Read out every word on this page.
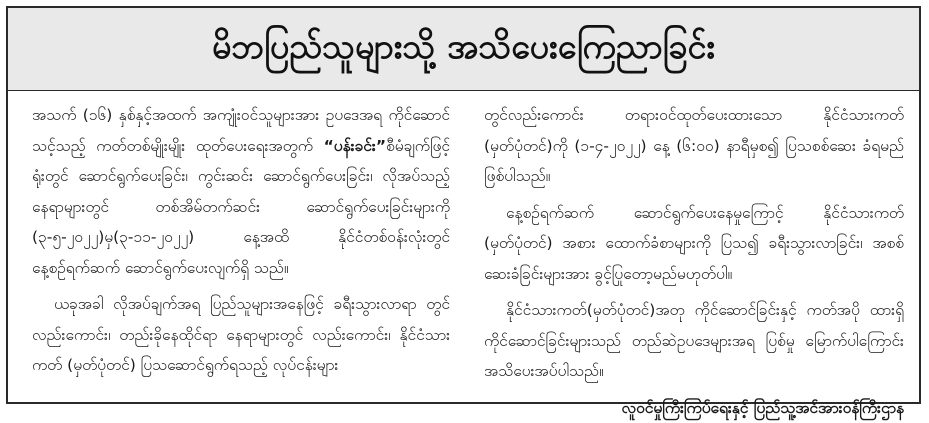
မိဘပြည်သူများသို့ အသိပေးကြေညာခြင်း

အသက် (၁၆) နှစ်နှင့်အထက် အကျုံးဝင်သူများအား ဥပဒေအရ ကိုင်ဆောင်သင့်သည့် ကတ်တစ်မျိုးမျိုး ထုတ်ပေးရေးအတွက် “ပန်းခင်း”စီမံချက်ဖြင့် ရုံးတွင် ဆောင်ရွက်ပေးခြင်း၊ ကွင်းဆင်း ဆောင်ရွက်ပေးခြင်း၊ လိုအပ်သည့်နေရာများတွင် တစ်အိမ်တက်ဆင်း ဆောင်ရွက်ပေးခြင်းများကို (၃-၅-၂၀၂၂)မှ(၃-၁၁-၂၀၂၂) နေ့အထိ နိုင်ငံတစ်ဝန်းလုံးတွင် နေ့စဉ်ရက်ဆက် ဆောင်ရွက်ပေးလျက်ရှိ သည်။

ယခုအခါ လိုအပ်ချက်အရ ပြည်သူများအနေဖြင့် ခရီးသွားလာရာ တွင် လည်းကောင်း၊ တည်းခိုနေထိုင်ရာ နေရာများတွင် လည်းကောင်း၊ နိုင်ငံသားကတ် (မှတ်ပုံတင်) ပြသဆောင်ရွက်ရသည့် လုပ်ငန်းများ

တွင်လည်းကောင်း တရားဝင်ထုတ်ပေးထားသော နိုင်ငံသားကတ် (မှတ်ပုံတင်)ကို (၁-၄-၂၀၂၂) နေ့ (၆:၀၀) နာရီမှစ၍ ပြသစစ်ဆေး ခံရမည်ဖြစ်ပါသည်။

နေ့စဉ်ရက်ဆက် ဆောင်ရွက်ပေးနေမှုကြောင့် နိုင်ငံသားကတ် (မှတ်ပုံတင်) အစား ထောက်ခံစာများကို ပြသ၍ ခရီးသွားလာခြင်း၊ အစစ်ဆေးခံခြင်းများအား ခွင့်ပြုတော့မည်မဟုတ်ပါ။

နိုင်ငံသားကတ်(မှတ်ပုံတင်)အတု ကိုင်ဆောင်ခြင်းနှင့် ကတ်အပို ထားရှိကိုင်ဆောင်ခြင်းများသည် တည်ဆဲဥပဒေများအရ ပြစ်မှု မြောက်ပါကြောင်း အသိပေးအပ်ပါသည်။

လူဝင်မှုကြီးကြပ်ရေးနှင့် ပြည်သူ့အင်အားဝန်ကြီးဌာန
